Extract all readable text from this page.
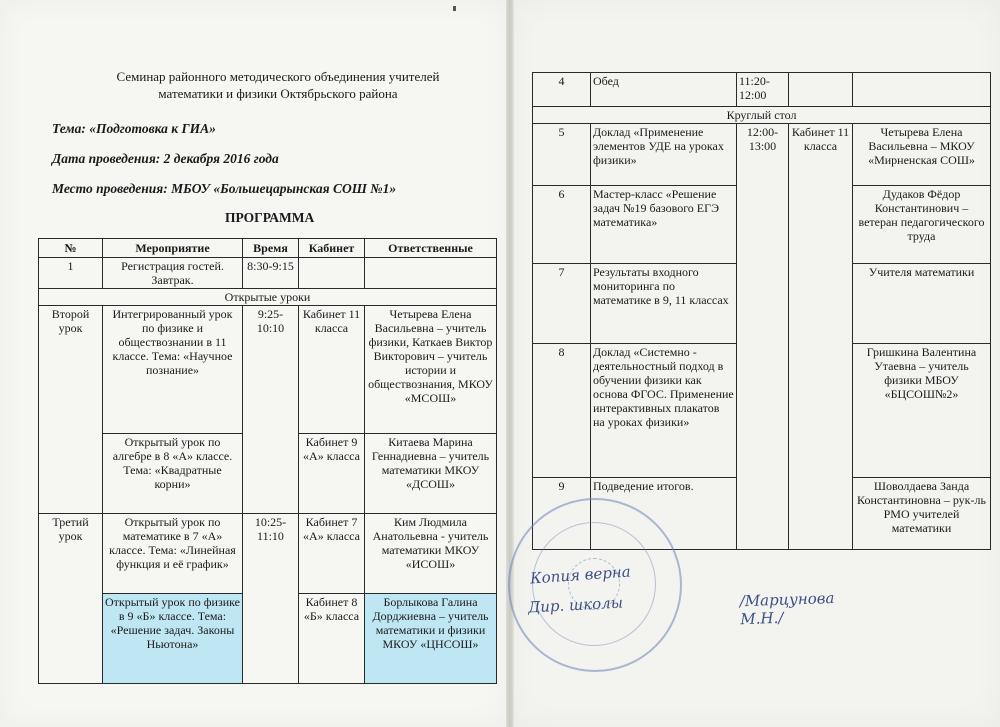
Семинар районного методического объединения учителей
математики и физики Октябрьского района
Тема: «Подготовка к ГИА»
Дата проведения: 2 декабря 2016 года
Место проведения: МБОУ «Большецарынская СОШ №1»
ПРОГРАММА
№	Мероприятие	Время	Кабинет	Ответственные
1	Регистрация гостей. Завтрак.	8:30-9:15		
Открытые уроки				
Второй урок	Интегрированный урок по физике и обществознании в 11 классе. Тема: «Научное познание»	9:25-10:10	Кабинет 11 класса	Четырева Елена Васильевна – учитель физики, Каткаев Виктор Викторович – учитель истории и обществознания, МКОУ «МСОШ»
	Открытый урок по алгебре в 8 «А» классе. Тема: «Квадратные корни»		Кабинет 9 «А» класса	Китаева Марина Геннадиевна – учитель математики МКОУ «ДСОШ»
Третий урок	Открытый урок по математике в 7 «А» классе. Тема: «Линейная функция и её график»	10:25-11:10	Кабинет 7 «А» класса	Ким Людмила Анатольевна - учитель математики МКОУ «ИСОШ»
	Открытый урок по физике в 9 «Б» классе. Тема: «Решение задач. Законы Ньютона»		Кабинет 8 «Б» класса	Борлыкова Галина Дорджиевна – учитель математики и физики МКОУ «ЦНСОШ»
4	Обед	11:20-12:00		
Круглый стол				
5	Доклад «Применение элементов УДЕ на уроках физики»	12:00-13:00	Кабинет 11 класса	Четырева Елена Васильевна – МКОУ «Мирненская СОШ»
6	Мастер-класс «Решение задач №19 базового ЕГЭ математика»			Дудаков Фёдор Константинович – ветеран педагогического труда
7	Результаты входного мониторинга по математике в 9, 11 классах			Учителя математики
8	Доклад «Системно - деятельностный подход в обучении физики как основа ФГОС. Применение интерактивных плакатов на уроках физики»			Гришкина Валентина Утаевна – учитель физики МБОУ «БЦСОШ№2»
9	Подведение итогов.			Шоволдаева Занда Константиновна – рук-ль РМО учителей математики
Копия верна
Дир. школы	/Марцунова М.Н./
